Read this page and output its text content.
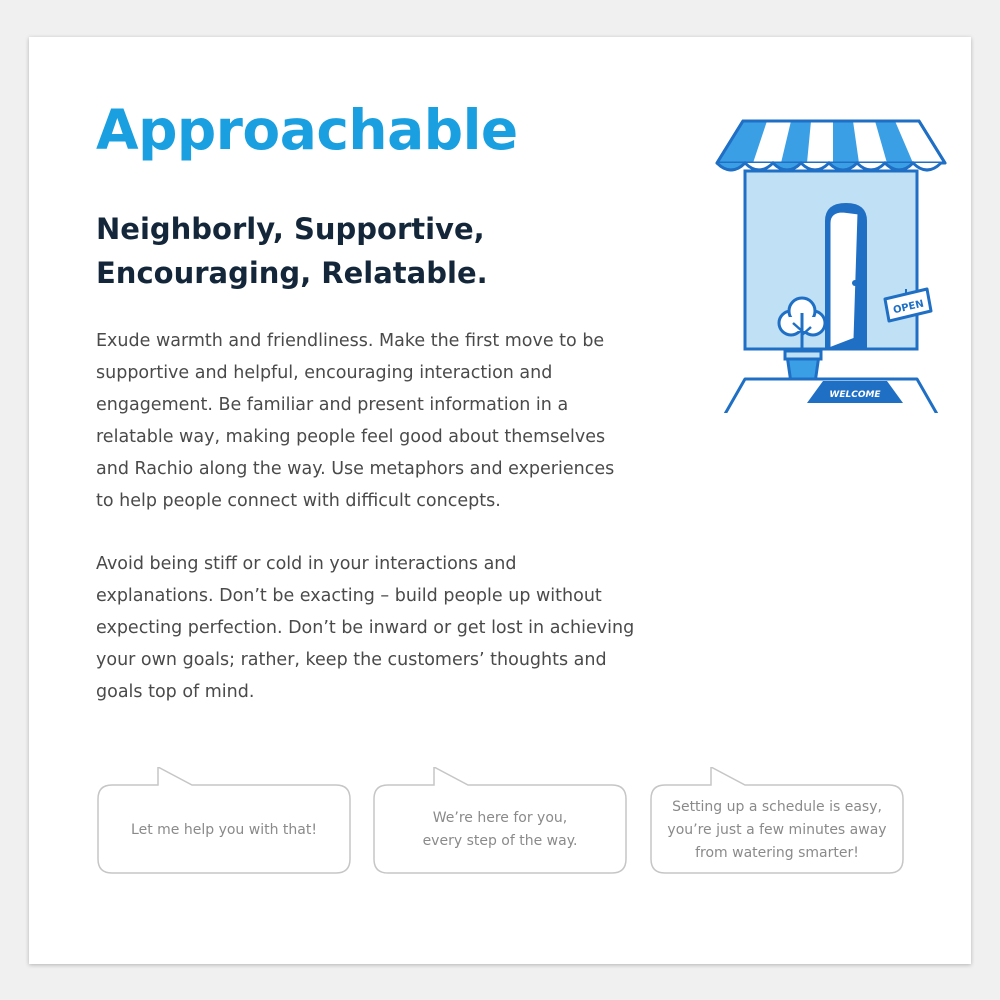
Approachable
Neighborly, Supportive, Encouraging, Relatable.

Exude warmth and friendliness. Make the first move to be supportive and helpful, encouraging interaction and engagement. Be familiar and present information in a relatable way, making people feel good about themselves and Rachio along the way. Use metaphors and experiences to help people connect with difficult concepts.

Avoid being stiff or cold in your interactions and explanations. Don’t be exacting – build people up without expecting perfection. Don’t be inward or get lost in achieving your own goals; rather, keep the customers’ thoughts and goals top of mind.

OPEN
WELCOME
Let me help you with that!
We’re here for you, every step of the way.
Setting up a schedule is easy, you’re just a few minutes away from watering smarter!
